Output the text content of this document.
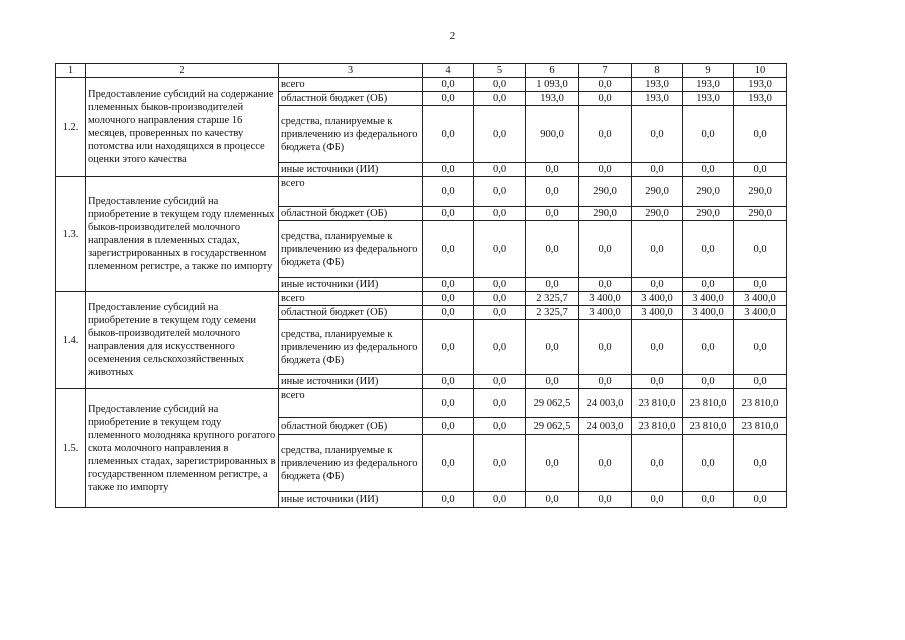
2
1	2	3	4	5	6	7	8	9	10
1.2.	Предоставление субсидий на содержание племенных быков-производителей молочного направления старше 16 месяцев, проверенных по качеству потомства или находящихся в процессе оценки этого качества	всего	0,0	0,0	1 093,0	0,0	193,0	193,0	193,0
		областной бюджет (ОБ)	0,0	0,0	193,0	0,0	193,0	193,0	193,0
		средства, планируемые к привлечению из федерального бюджета (ФБ)	0,0	0,0	900,0	0,0	0,0	0,0	0,0
		иные источники (ИИ)	0,0	0,0	0,0	0,0	0,0	0,0	0,0
1.3.	Предоставление субсидий на приобретение в текущем году племенных быков-производителей молочного направления в племенных стадах, зарегистрированных в государственном племенном регистре, а также по импорту	всего	0,0	0,0	0,0	290,0	290,0	290,0	290,0
		областной бюджет (ОБ)	0,0	0,0	0,0	290,0	290,0	290,0	290,0
		средства, планируемые к привлечению из федерального бюджета (ФБ)	0,0	0,0	0,0	0,0	0,0	0,0	0,0
		иные источники (ИИ)	0,0	0,0	0,0	0,0	0,0	0,0	0,0
1.4.	Предоставление субсидий на приобретение в текущем году семени быков-производителей молочного направления для искусственного осеменения сельскохозяйственных животных	всего	0,0	0,0	2 325,7	3 400,0	3 400,0	3 400,0	3 400,0
		областной бюджет (ОБ)	0,0	0,0	2 325,7	3 400,0	3 400,0	3 400,0	3 400,0
		средства, планируемые к привлечению из федерального бюджета (ФБ)	0,0	0,0	0,0	0,0	0,0	0,0	0,0
		иные источники (ИИ)	0,0	0,0	0,0	0,0	0,0	0,0	0,0
1.5.	Предоставление субсидий на приобретение в текущем году племенного молодняка крупного рогатого скота молочного направления в племенных стадах, зарегистрированных в государственном племенном регистре, а также по импорту	всего	0,0	0,0	29 062,5	24 003,0	23 810,0	23 810,0	23 810,0
		областной бюджет (ОБ)	0,0	0,0	29 062,5	24 003,0	23 810,0	23 810,0	23 810,0
		средства, планируемые к привлечению из федерального бюджета (ФБ)	0,0	0,0	0,0	0,0	0,0	0,0	0,0
		иные источники (ИИ)	0,0	0,0	0,0	0,0	0,0	0,0	0,0
